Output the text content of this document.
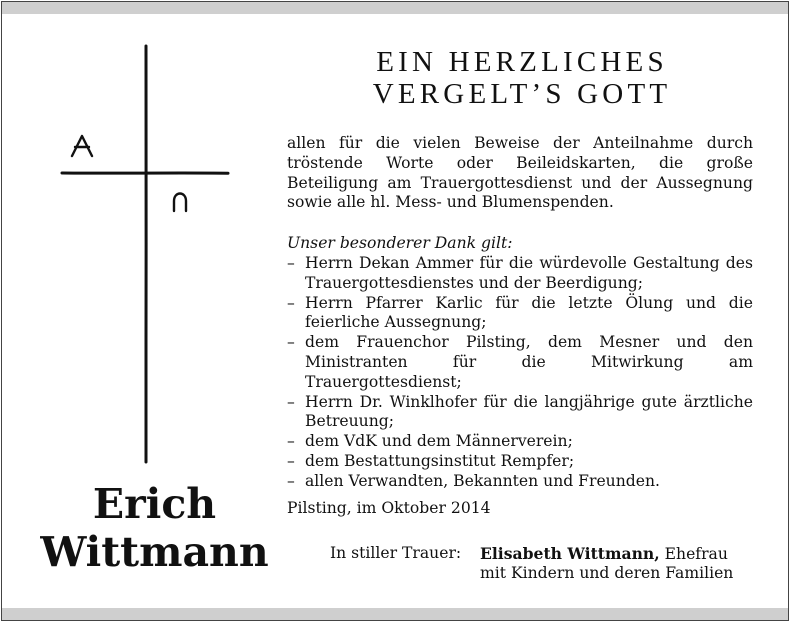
Erich
Wittmann
EIN HERZLICHES
VERGELT’S GOTT
allen für die vielen Beweise der Anteilnahme durch tröstende Worte oder Beileidskarten, die große Beteiligung am Trauergottesdienst und der Aussegnung sowie alle hl. Mess- und Blumenspenden.
Unser besonderer Dank gilt:
– Herrn Dekan Ammer für die würdevolle Gestaltung des Trauergottesdienstes und der Beerdigung;
– Herrn Pfarrer Karlic für die letzte Ölung und die feierliche Aussegnung;
– dem Frauenchor Pilsting, dem Mesner und den Ministranten für die Mitwirkung am Trauergottesdienst;
– Herrn Dr. Winklhofer für die langjährige gute ärztliche Betreuung;
– dem VdK und dem Männerverein;
– dem Bestattungsinstitut Rempfer;
– allen Verwandten, Bekannten und Freunden.
Pilsting, im Oktober 2014
In stiller Trauer: Elisabeth Wittmann, Ehefrau
mit Kindern und deren Familien
